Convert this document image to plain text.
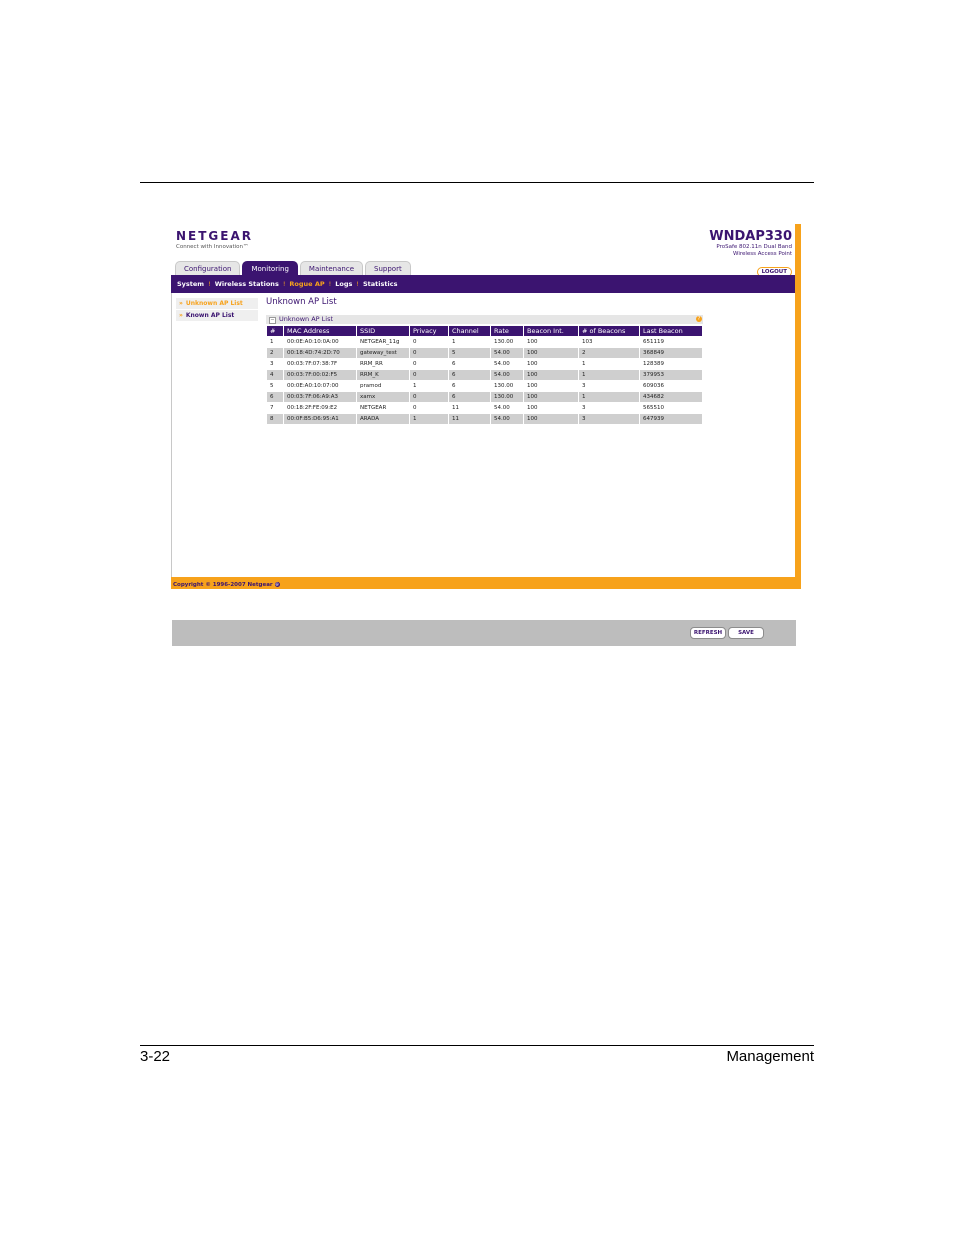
Copyright © 1996-2007 Netgear ®
NETGEAR
Connect with Innovation™
WNDAP330
ProSafe 802.11n Dual Band
Wireless Access Point
LOGOUT
Configuration	Monitoring	Maintenance	Support
System ! Wireless Stations ! Rogue AP ! Logs ! Statistics
» Unknown AP List
» Known AP List
Unknown AP List
− Unknown AP List	?
#	MAC Address	SSID	Privacy	Channel	Rate	Beacon Int.	# of Beacons	Last Beacon
1	00:0E:A0:10:0A:00	NETGEAR_11g	0	1	130.00	100	103	651119
2	00:18:4D:74:2D:70	gateway_test	0	5	54.00	100	2	368849
3	00:03:7F:07:38:7F	RRM_RR	0	6	54.00	100	1	128389
4	00:03:7F:00:02:F5	RRM_K	0	6	54.00	100	1	379953
5	00:0E:A0:10:07:00	pramod	1	6	130.00	100	3	609036
6	00:03:7F:06:A9:A3	xamx	0	6	130.00	100	1	434682
7	00:18:2F:FE:09:E2	NETGEAR	0	11	54.00	100	3	565510
8	00:0F:B5:D6:95:A1	ARADA	1	11	54.00	100	3	647939
REFRESH	SAVE
3-22	Management
